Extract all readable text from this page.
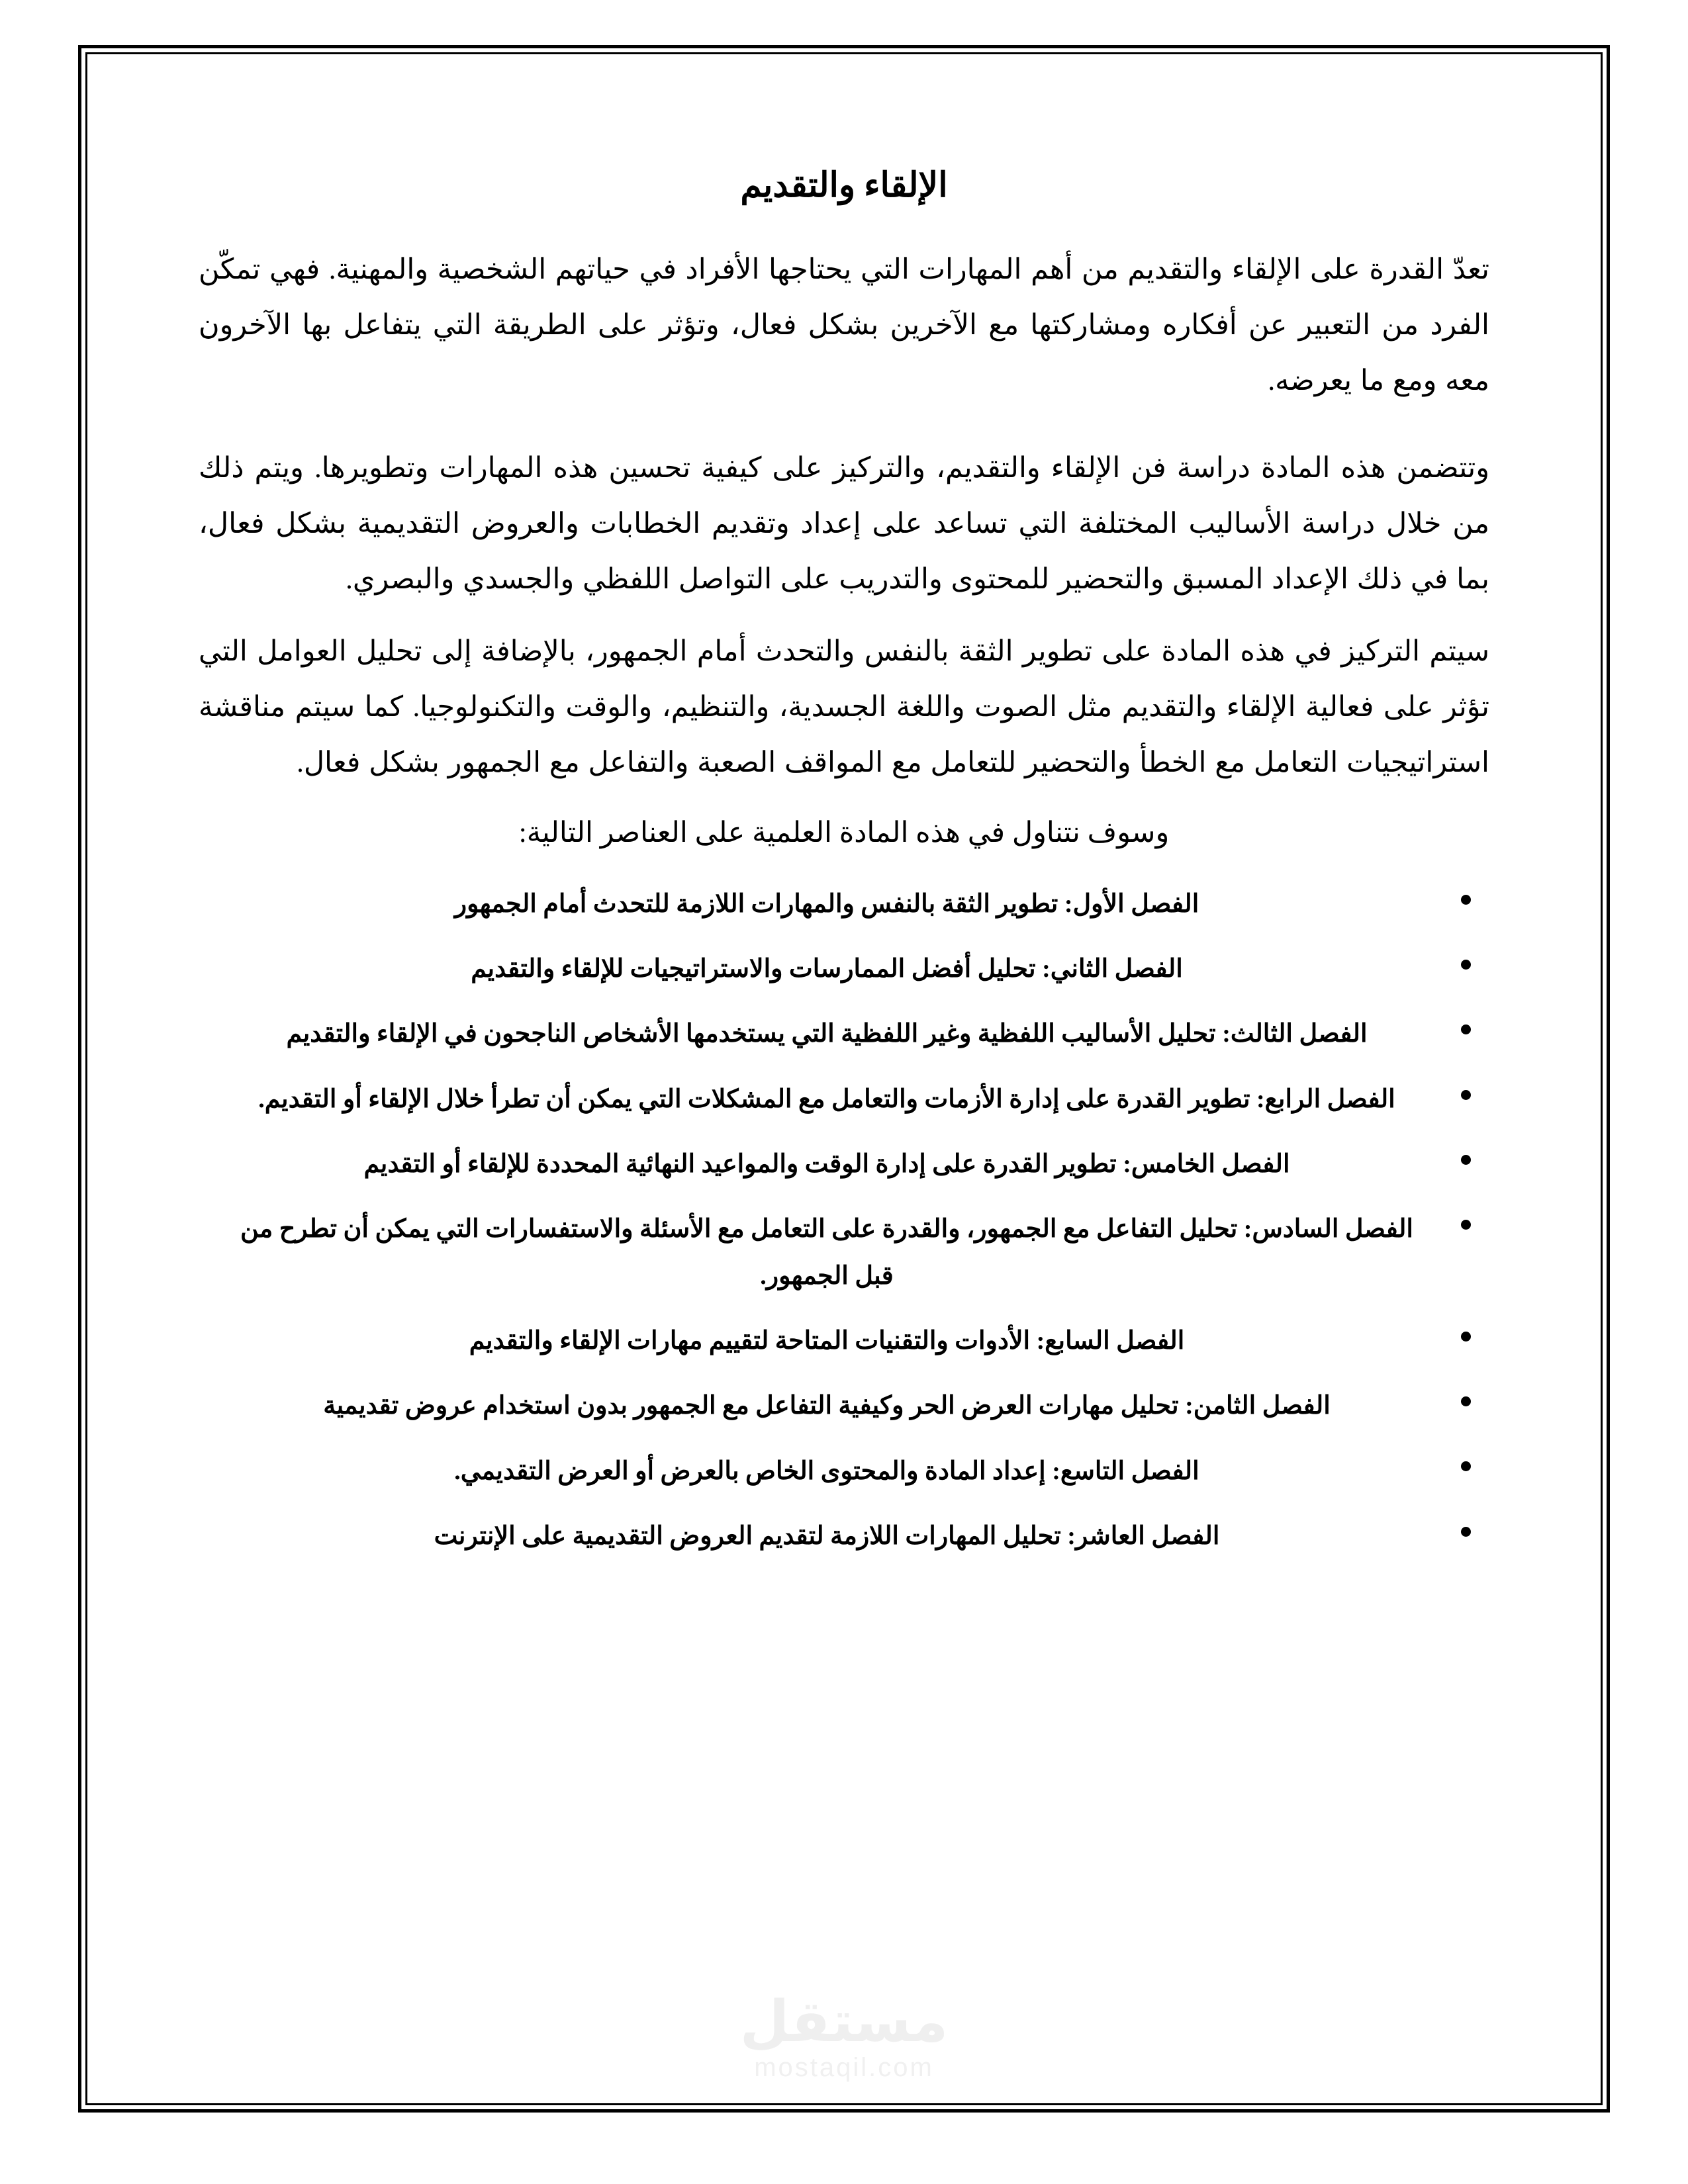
الإلقاء والتقديم

تعدّ القدرة على الإلقاء والتقديم من أهم المهارات التي يحتاجها الأفراد في حياتهم الشخصية والمهنية. فهي تمكّن الفرد من التعبير عن أفكاره ومشاركتها مع الآخرين بشكل فعال، وتؤثر على الطريقة التي يتفاعل بها الآخرون معه ومع ما يعرضه.

وتتضمن هذه المادة دراسة فن الإلقاء والتقديم، والتركيز على كيفية تحسين هذه المهارات وتطويرها. ويتم ذلك من خلال دراسة الأساليب المختلفة التي تساعد على إعداد وتقديم الخطابات والعروض التقديمية بشكل فعال، بما في ذلك الإعداد المسبق والتحضير للمحتوى والتدريب على التواصل اللفظي والجسدي والبصري.

سيتم التركيز في هذه المادة على تطوير الثقة بالنفس والتحدث أمام الجمهور، بالإضافة إلى تحليل العوامل التي تؤثر على فعالية الإلقاء والتقديم مثل الصوت واللغة الجسدية، والتنظيم، والوقت والتكنولوجيا. كما سيتم مناقشة استراتيجيات التعامل مع الخطأ والتحضير للتعامل مع المواقف الصعبة والتفاعل مع الجمهور بشكل فعال.

وسوف نتناول في هذه المادة العلمية على العناصر التالية:

الفصل الأول: تطوير الثقة بالنفس والمهارات اللازمة للتحدث أمام الجمهور
الفصل الثاني: تحليل أفضل الممارسات والاستراتيجيات للإلقاء والتقديم
الفصل الثالث: تحليل الأساليب اللفظية وغير اللفظية التي يستخدمها الأشخاص الناجحون في الإلقاء والتقديم
الفصل الرابع: تطوير القدرة على إدارة الأزمات والتعامل مع المشكلات التي يمكن أن تطرأ خلال الإلقاء أو التقديم.
الفصل الخامس: تطوير القدرة على إدارة الوقت والمواعيد النهائية المحددة للإلقاء أو التقديم
الفصل السادس: تحليل التفاعل مع الجمهور، والقدرة على التعامل مع الأسئلة والاستفسارات التي يمكن أن تطرح من قبل الجمهور.
الفصل السابع: الأدوات والتقنيات المتاحة لتقييم مهارات الإلقاء والتقديم
الفصل الثامن: تحليل مهارات العرض الحر وكيفية التفاعل مع الجمهور بدون استخدام عروض تقديمية
الفصل التاسع: إعداد المادة والمحتوى الخاص بالعرض أو العرض التقديمي.
الفصل العاشر: تحليل المهارات اللازمة لتقديم العروض التقديمية على الإنترنت
مستقل
mostaqil.com
